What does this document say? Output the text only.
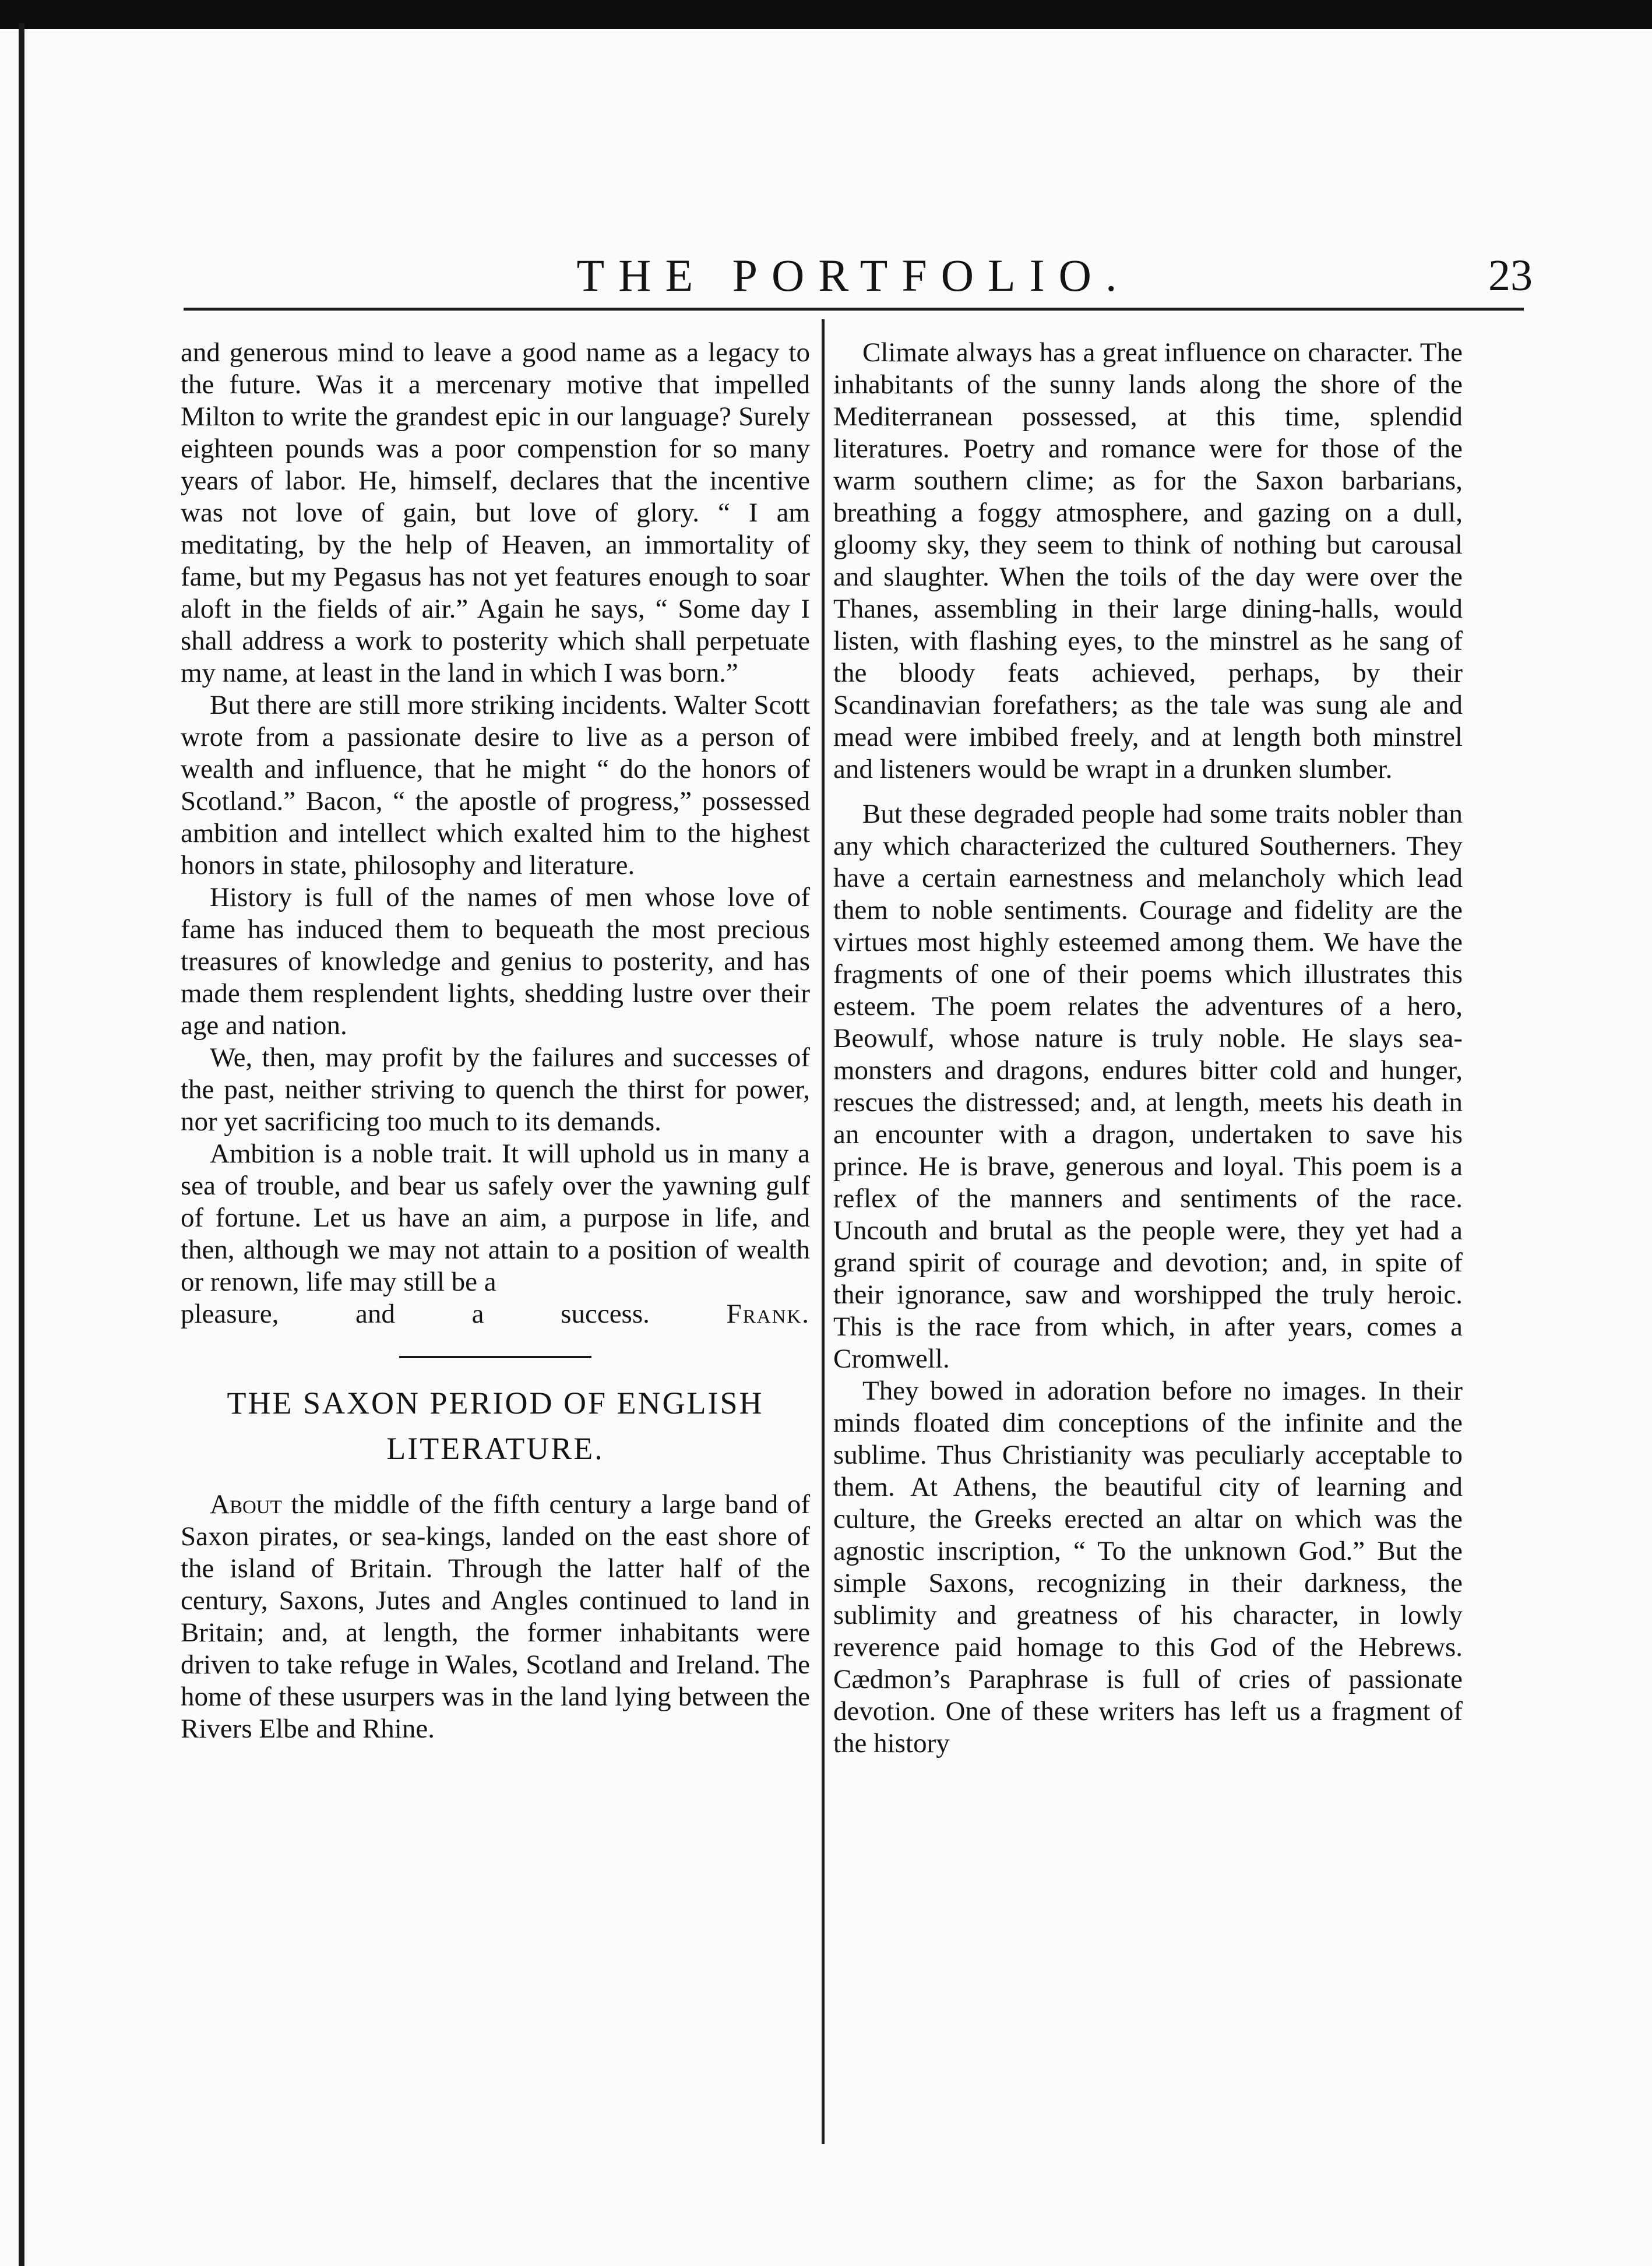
THE PORTFOLIO.	23

and generous mind to leave a good name as a legacy to the future. Was it a mercenary motive that impelled Milton to write the grandest epic in our language? Surely eighteen pounds was a poor compenstion for so many years of labor. He, himself, declares that the incentive was not love of gain, but love of glory. “ I am meditating, by the help of Heaven, an immortality of fame, but my Pegasus has not yet features enough to soar aloft in the fields of air.” Again he says, “ Some day I shall address a work to posterity which shall perpetuate my name, at least in the land in which I was born.”

But there are still more striking incidents. Walter Scott wrote from a passionate desire to live as a person of wealth and influence, that he might “ do the honors of Scotland.” Bacon, “ the apostle of progress,” possessed ambition and intellect which exalted him to the highest honors in state, philosophy and literature.

History is full of the names of men whose love of fame has induced them to bequeath the most precious treasures of knowledge and genius to posterity, and has made them resplendent lights, shedding lustre over their age and nation.

We, then, may profit by the failures and successes of the past, neither striving to quench the thirst for power, nor yet sacrificing too much to its demands.

Ambition is a noble trait. It will uphold us in many a sea of trouble, and bear us safely over the yawning gulf of fortune. Let us have an aim, a purpose in life, and then, although we may not attain to a position of wealth or renown, life may still be a

pleasure, and a success.	Frank.

THE SAXON PERIOD OF ENGLISH
LITERATURE.

About the middle of the fifth century a large band of Saxon pirates, or sea-kings, landed on the east shore of the island of Britain. Through the latter half of the century, Saxons, Jutes and Angles continued to land in Britain; and, at length, the former inhabitants were driven to take refuge in Wales, Scotland and Ireland. The home of these usurpers was in the land lying between the Rivers Elbe and Rhine.

Climate always has a great influence on character. The inhabitants of the sunny lands along the shore of the Mediterranean possessed, at this time, splendid literatures. Poetry and romance were for those of the warm southern clime; as for the Saxon barbarians, breathing a foggy atmosphere, and gazing on a dull, gloomy sky, they seem to think of nothing but carousal and slaughter. When the toils of the day were over the Thanes, assembling in their large dining-halls, would listen, with flashing eyes, to the minstrel as he sang of the bloody feats achieved, perhaps, by their Scandinavian forefathers; as the tale was sung ale and mead were imbibed freely, and at length both minstrel and listeners would be wrapt in a drunken slumber.

But these degraded people had some traits nobler than any which characterized the cultured Southerners. They have a certain earnestness and melancholy which lead them to noble sentiments. Courage and fidelity are the virtues most highly esteemed among them. We have the fragments of one of their poems which illustrates this esteem. The poem relates the adventures of a hero, Beowulf, whose nature is truly noble. He slays sea-monsters and dragons, endures bitter cold and hunger, rescues the distressed; and, at length, meets his death in an encounter with a dragon, undertaken to save his prince. He is brave, generous and loyal. This poem is a reflex of the manners and sentiments of the race. Uncouth and brutal as the people were, they yet had a grand spirit of courage and devotion; and, in spite of their ignorance, saw and worshipped the truly heroic. This is the race from which, in after years, comes a Cromwell.

They bowed in adoration before no images. In their minds floated dim conceptions of the infinite and the sublime. Thus Christianity was peculiarly acceptable to them. At Athens, the beautiful city of learning and culture, the Greeks erected an altar on which was the agnostic inscription, “ To the unknown God.” But the simple Saxons, recognizing in their darkness, the sublimity and greatness of his character, in lowly reverence paid homage to this God of the Hebrews. Cædmon’s Paraphrase is full of cries of passionate devotion. One of these writers has left us a fragment of the history
